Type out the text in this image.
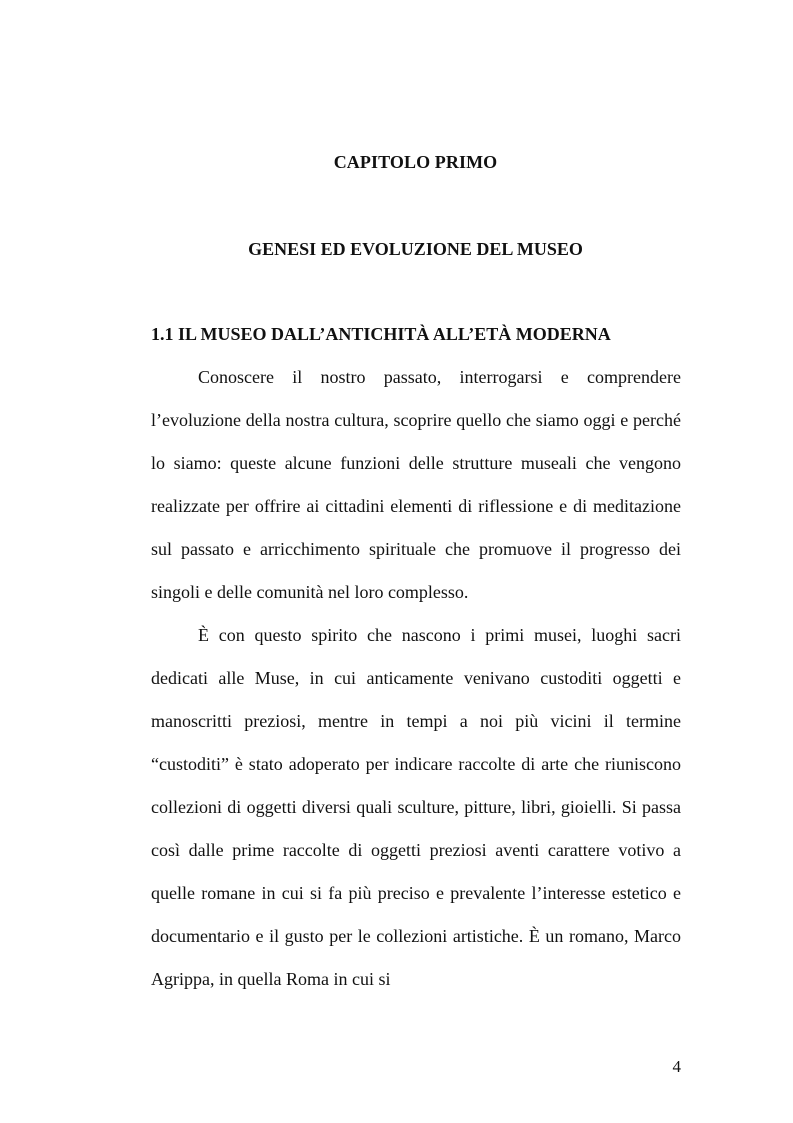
CAPITOLO PRIMO
GENESI ED EVOLUZIONE DEL MUSEO
1.1 IL MUSEO DALL’ANTICHITÀ ALL’ETÀ MODERNA

Conoscere il nostro passato, interrogarsi e comprendere l’evoluzione della nostra cultura, scoprire quello che siamo oggi e perché lo siamo: queste alcune funzioni delle strutture museali che vengono realizzate per offrire ai cittadini elementi di riflessione e di meditazione sul passato e arricchimento spirituale che promuove il progresso dei singoli e delle comunità nel loro complesso.

È con questo spirito che nascono i primi musei, luoghi sacri dedicati alle Muse, in cui anticamente venivano custoditi oggetti e manoscritti preziosi, mentre in tempi a noi più vicini il termine “custoditi” è stato adoperato per indicare raccolte di arte che riuniscono collezioni di oggetti diversi quali sculture, pitture, libri, gioielli. Si passa così dalle prime raccolte di oggetti preziosi aventi carattere votivo a quelle romane in cui si fa più preciso e prevalente l’interesse estetico e documentario e il gusto per le collezioni artistiche. È un romano, Marco Agrippa, in quella Roma in cui si

4
